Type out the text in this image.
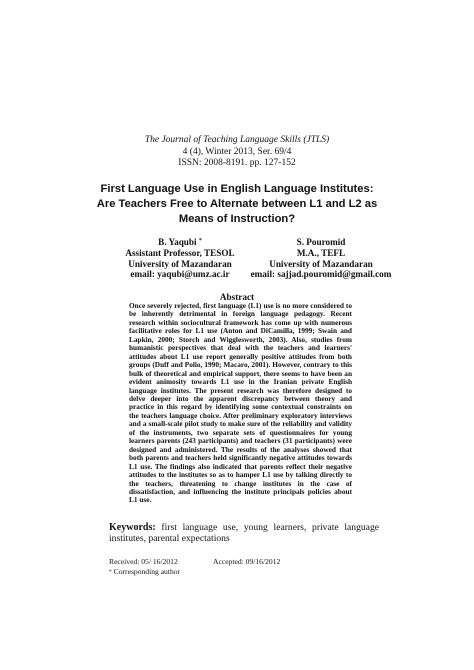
The Journal of Teaching Language Skills (JTLS)
4 (4), Winter 2013, Ser. 69/4
ISSN: 2008-8191. pp. 127-152
First Language Use in English Language Institutes:
Are Teachers Free to Alternate between L1 and L2 as
Means of Instruction?
B. Yaqubi *
Assistant Professor, TESOL
University of Mazandaran
email: yaqubi@umz.ac.ir
S. Pouromid
M.A., TEFL
University of Mazandaran
email: sajjad.pouromid@gmail.com
Abstract
Once severely rejected, first language (L1) use is no more considered to be inherently detrimental in foreign language pedagogy. Recent research within sociocultural framework has come up with numerous facilitative roles for L1 use (Anton and DiCamilla, 1999; Swain and Lapkin, 2000; Storch and Wigglesworth, 2003). Also, studies from humanistic perspectives that deal with the teachers and learners' attitudes about L1 use report generally positive attitudes from both groups (Duff and Polio, 1990; Macaro, 2001). However, contrary to this bulk of theoretical and empirical support, there seems to have been an evident animosity towards L1 use in the Iranian private English language institutes. The present research was therefore designed to delve deeper into the apparent discrepancy between theory and practice in this regard by identifying some contextual constraints on the teachers language choice. After preliminary exploratory interviews and a small-scale pilot study to make sure of the reliability and validity of the instruments, two separate sets of questionnaires for young learners parents (243 participants) and teachers (31 participants) were designed and administered. The results of the analyses showed that both parents and teachers held significantly negative attitudes towards L1 use. The findings also indicated that parents reflect their negative attitudes to the institutes so as to hamper L1 use by talking directly to the teachers, threatening to change institutes in the case of dissatisfaction, and influencing the institute principals policies about L1 use.
Keywords: first language use, young learners, private language institutes, parental expectations
Received: 05/ 16/2012	Accepted: 09/16/2012
* Corresponding author
